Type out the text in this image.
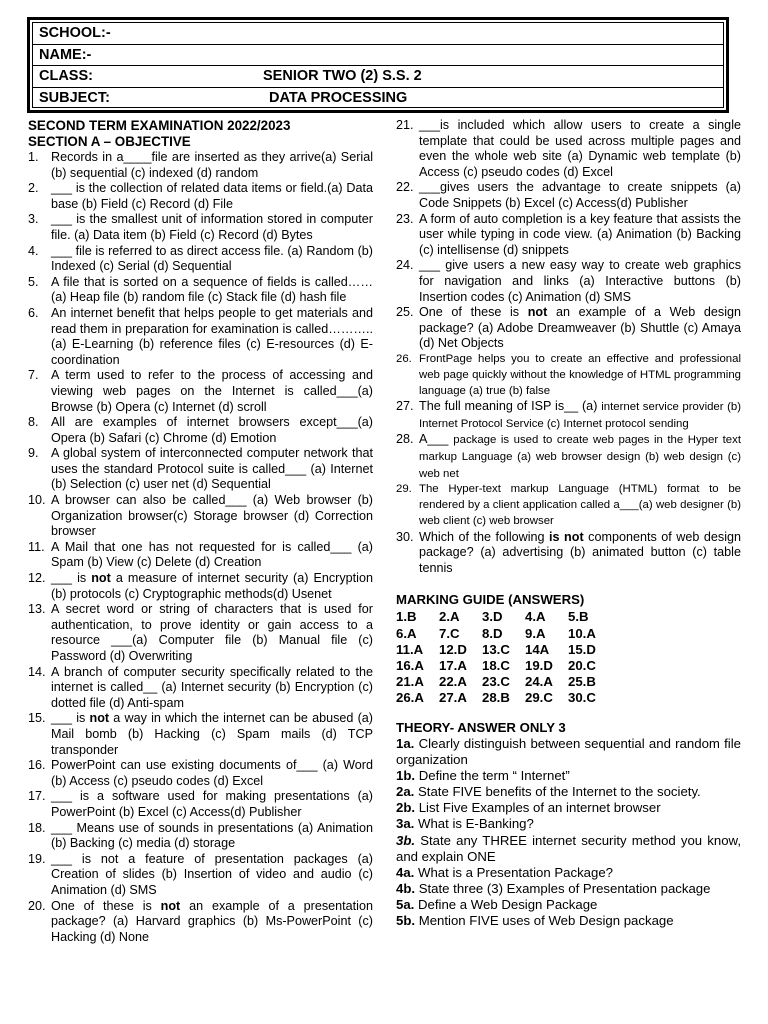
SCHOOL:-
NAME:-
CLASS:	SENIOR TWO (2) S.S. 2
SUBJECT:	DATA PROCESSING
SECOND TERM EXAMINATION 2022/2023
SECTION A – OBJECTIVE
1. Records in a____file are inserted as they arrive(a) Serial (b) sequential (c) indexed (d) random
2. ___ is the collection of related data items or field.(a) Data base (b) Field (c) Record (d) File
3. ___ is the smallest unit of information stored in computer file. (a) Data item (b) Field (c) Record (d) Bytes
4. ___ file is referred to as direct access file. (a) Random (b) Indexed (c) Serial (d) Sequential
5. A file that is sorted on a sequence of fields is called……(a) Heap file (b) random file (c) Stack file (d) hash file
6. An internet benefit that helps people to get materials and read them in preparation for examination is called……….. (a) E-Learning (b) reference files (c) E-resources (d) E-coordination
7. A term used to refer to the process of accessing and viewing web pages on the Internet is called___(a) Browse (b) Opera (c) Internet (d) scroll
8. All are examples of internet browsers except___(a) Opera (b) Safari (c) Chrome (d) Emotion
9. A global system of interconnected computer network that uses the standard Protocol suite is called___ (a) Internet (b) Selection (c) user net (d) Sequential
10. A browser can also be called___ (a) Web browser (b) Organization browser(c) Storage browser (d) Correction browser
11. A Mail that one has not requested for is called___ (a) Spam (b) View (c) Delete (d) Creation
12. ___ is not a measure of internet security (a) Encryption (b) protocols (c) Cryptographic methods(d) Usenet
13. A secret word or string of characters that is used for authentication, to prove identity or gain access to a resource ___(a) Computer file (b) Manual file (c) Password (d) Overwriting
14. A branch of computer security specifically related to the internet is called__ (a) Internet security (b) Encryption (c) dotted file (d) Anti-spam
15. ___ is not a way in which the internet can be abused (a) Mail bomb (b) Hacking (c) Spam mails (d) TCP transponder
16. PowerPoint can use existing documents of___ (a) Word (b) Access (c) pseudo codes (d) Excel
17. ___ is a software used for making presentations (a) PowerPoint (b) Excel (c) Access(d) Publisher
18. ___ Means use of sounds in presentations (a) Animation (b) Backing (c) media (d) storage
19. ___ is not a feature of presentation packages (a) Creation of slides (b) Insertion of video and audio (c) Animation (d) SMS
20. One of these is not an example of a presentation package? (a) Harvard graphics (b) Ms-PowerPoint (c) Hacking (d) None
21. ___is included which allow users to create a single template that could be used across multiple pages and even the whole web site (a) Dynamic web template (b) Access (c) pseudo codes (d) Excel
22. ___gives users the advantage to create snippets (a) Code Snippets (b) Excel (c) Access(d) Publisher
23. A form of auto completion is a key feature that assists the user while typing in code view. (a) Animation (b) Backing (c) intellisense (d) snippets
24. ___ give users a new easy way to create web graphics for navigation and links (a) Interactive buttons (b) Insertion codes (c) Animation (d) SMS
25. One of these is not an example of a Web design package? (a) Adobe Dreamweaver (b) Shuttle (c) Amaya (d) Net Objects
26. FrontPage helps you to create an effective and professional web page quickly without the knowledge of HTML programming language (a) true (b) false
27. The full meaning of ISP is__ (a) internet service provider (b) Internet Protocol Service (c) Internet protocol sending
28. A___ package is used to create web pages in the Hyper text markup Language (a) web browser design (b) web design (c) web net
29. The Hyper-text markup Language (HTML) format to be rendered by a client application called a___(a) web designer (b) web client (c) web browser
30. Which of the following is not components of web design package? (a) advertising (b) animated button (c) table tennis
MARKING GUIDE (ANSWERS)
1.B	2.A	3.D	4.A	5.B
6.A	7.C	8.D	9.A	10.A
11.A	12.D	13.C	14A	15.D
16.A	17.A	18.C	19.D	20.C
21.A	22.A	23.C	24.A	25.B
26.A	27.A	28.B	29.C	30.C
THEORY- ANSWER ONLY 3
1a. Clearly distinguish between sequential and random file organization
1b. Define the term “ Internet”
2a. State FIVE benefits of the Internet to the society.
2b. List Five Examples of an internet browser
3a. What is E-Banking?
3b. State any THREE internet security method you know, and explain ONE
4a. What is a Presentation Package?
4b. State three (3) Examples of Presentation package
5a. Define a Web Design Package
5b. Mention FIVE uses of Web Design package
